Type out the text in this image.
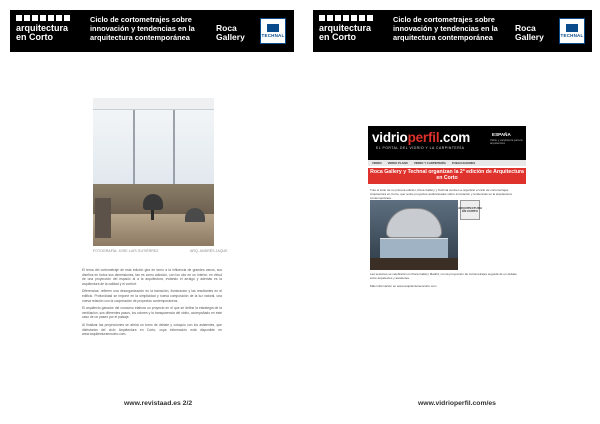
arquitectura
en Corto
Ciclo de cortometrajes sobre innovación y tendencias en la arquitectura contemporánea
Roca
Gallery	TECHNAL
arquitectura
en Corto
Ciclo de cortometrajes sobre innovación y tendencias en la arquitectura contemporánea
Roca
Gallery	TECHNAL
FOTOGRAFÍA: JOSE LUIS GUTIÉRREZ	ARQ. ANDRÉS JAQUE

El tema del cortometraje de esta edición gira en torno a la influencia de grandes vanos, sus diseños en todos sus dimensiones, tan es como adicción, con los olor en un interior, en virtud de una proyección del espacio al a la arquitectura, evitando el arraigo y además es la arquitectura de la calidad y el confort.

Diferencias: refieren una desorganización en la transición, iluminación y las resultantes en el edificio. Profundidad se impone en la simplicidad y nueva composición de la luz natural, una nueva relación con la cooperación de proyectos contemporáneos.

El arquitecto ganador del concurso elabora un proyecto en el que se define la estrategia de la ventilación, sus diferentes pasos, los colores y la transparencia del vidrio, acompañado en este caso de un paseo por el paisaje.

Al finalizar las proyecciones se abrirá un turno de debate y coloquio con los asistentes, que disfrutarán del ciclo Arquitectura en Corto, cuya información está disponible en www.arquitecturaencorto.com.

www.revistaad.es 2/2
vidrioperfil.com
EL PORTAL DEL VIDRIO Y LA CARPINTERÍA
ESPAÑA
Vidrio y carpintería para la arquitectura
VIDRIO VIDRIO PLANO VIDRIO Y CARPINTERÍA PUBLICACIONES
Roca Gallery y Technal organizan la 2ª edición de Arquitectura en Corto
Tras el éxito de su primera edición, Roca Gallery y Technal vuelven a organizar el ciclo de cortometrajes Arquitectura en Corto, que reúne proyectos audiovisuales sobre innovación y tendencias en la arquitectura contemporánea.
ARQUITECTURA EN CORTO
Las sesiones se celebrarán en Roca Gallery Madrid, con la proyección de cortometrajes seguida de un debate entre arquitectos y asistentes.
Más información en www.arquitecturaencorto.com
www.vidrioperfil.com/es
